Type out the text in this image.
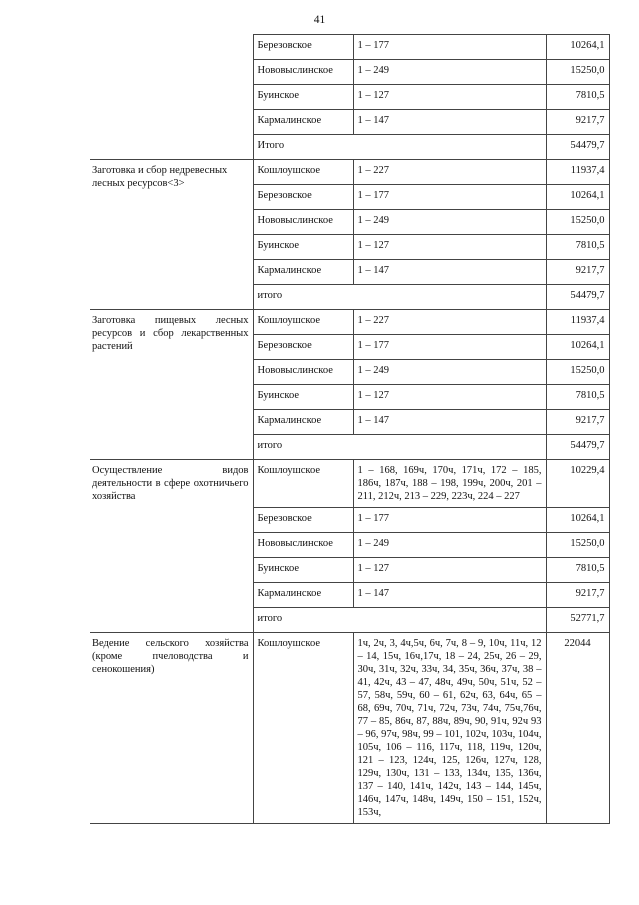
41
	Березовское	1 – 177	10264,1
	Нововыслинское	1 – 249	15250,0
	Буинское	1 – 127	7810,5
	Кармалинское	1 – 147	9217,7
	Итого		54479,7
Заготовка и сбор недревесных лесных ресурсов<3>	Кошлоушское	1 – 227	11937,4
	Березовское	1 – 177	10264,1
	Нововыслинское	1 – 249	15250,0
	Буинское	1 – 127	7810,5
	Кармалинское	1 – 147	9217,7
	итого		54479,7
Заготовка пищевых лесных ресурсов и сбор лекарственных растений	Кошлоушское	1 – 227	11937,4
	Березовское	1 – 177	10264,1
	Нововыслинское	1 – 249	15250,0
	Буинское	1 – 127	7810,5
	Кармалинское	1 – 147	9217,7
	итого		54479,7
Осуществление видов деятельности в сфере охотничьего хозяйства	Кошлоушское	1 – 168, 169ч, 170ч, 171ч, 172 – 185, 186ч, 187ч, 188 – 198, 199ч, 200ч, 201 – 211, 212ч, 213 – 229, 223ч, 224 – 227	10229,4
	Березовское	1 – 177	10264,1
	Нововыслинское	1 – 249	15250,0
	Буинское	1 – 127	7810,5
	Кармалинское	1 – 147	9217,7
	итого		52771,7
Ведение сельского хозяйства (кроме пчеловодства и сенокошения)	Кошлоушское	1ч, 2ч, 3, 4ч,5ч, 6ч, 7ч, 8 – 9, 10ч, 11ч, 12 – 14, 15ч, 16ч,17ч, 18 – 24, 25ч, 26 – 29, 30ч, 31ч, 32ч, 33ч, 34, 35ч, 36ч, 37ч, 38 – 41, 42ч, 43 – 47, 48ч, 49ч, 50ч, 51ч, 52 – 57, 58ч, 59ч, 60 – 61, 62ч, 63, 64ч, 65 – 68, 69ч, 70ч, 71ч, 72ч, 73ч, 74ч, 75ч,76ч, 77 – 85, 86ч, 87, 88ч, 89ч, 90, 91ч, 92ч 93 – 96, 97ч, 98ч, 99 – 101, 102ч, 103ч, 104ч, 105ч, 106 – 116, 117ч, 118, 119ч, 120ч, 121 – 123, 124ч, 125, 126ч, 127ч, 128, 129ч, 130ч, 131 – 133, 134ч, 135, 136ч, 137 – 140, 141ч, 142ч, 143 – 144, 145ч, 146ч, 147ч, 148ч, 149ч, 150 – 151, 152ч, 153ч,	22044
